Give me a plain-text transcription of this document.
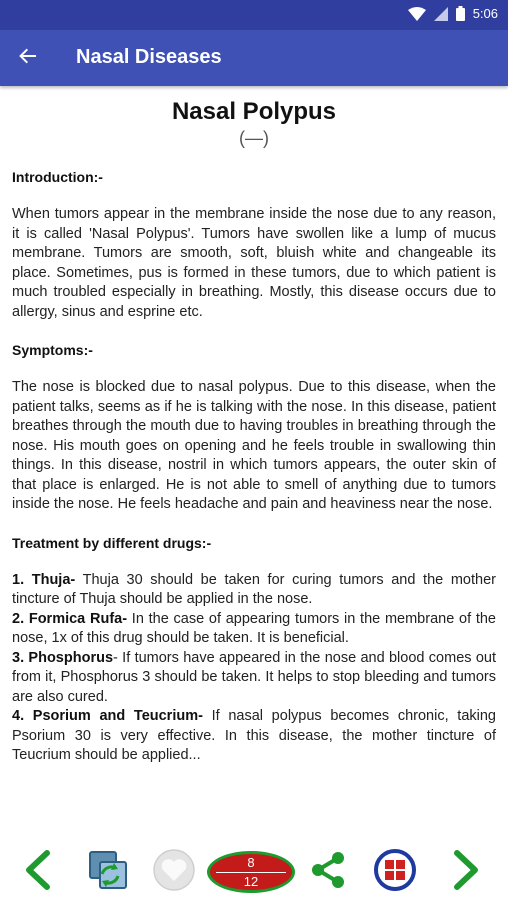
5:06
Nasal Diseases
Nasal Polypus
(—)
Introduction:-

When tumors appear in the membrane inside the nose due to any reason, it is called 'Nasal Polypus'. Tumors have swollen like a lump of mucus membrane. Tumors are smooth, soft, bluish white and changeable its place. Sometimes, pus is formed in these tumors, due to which patient is much troubled especially in breathing. Mostly, this disease occurs due to allergy, sinus and esprine etc.

Symptoms:-

The nose is blocked due to nasal polypus. Due to this disease, when the patient talks, seems as if he is talking with the nose. In this disease, patient breathes through the mouth due to having troubles in breathing through the nose. His mouth goes on opening and he feels trouble in swallowing thin things. In this disease, nostril in which tumors appears, the outer skin of that place is enlarged. He is not able to smell of anything due to tumors inside the nose. He feels headache and pain and heaviness near the nose.

Treatment by different drugs:-

1. Thuja- Thuja 30 should be taken for curing tumors and the mother tincture of Thuja should be applied in the nose.

2. Formica Rufa- In the case of appearing tumors in the membrane of the nose, 1x of this drug should be taken. It is beneficial.

3. Phosphorus- If tumors have appeared in the nose and blood comes out from it, Phosphorus 3 should be taken. It helps to stop bleeding and tumors are also cured.

4. Psorium and Teucrium- If nasal polypus becomes chronic, taking Psorium 30 is very effective. In this disease, the mother tincture of Teucrium should be applied...

8
12
